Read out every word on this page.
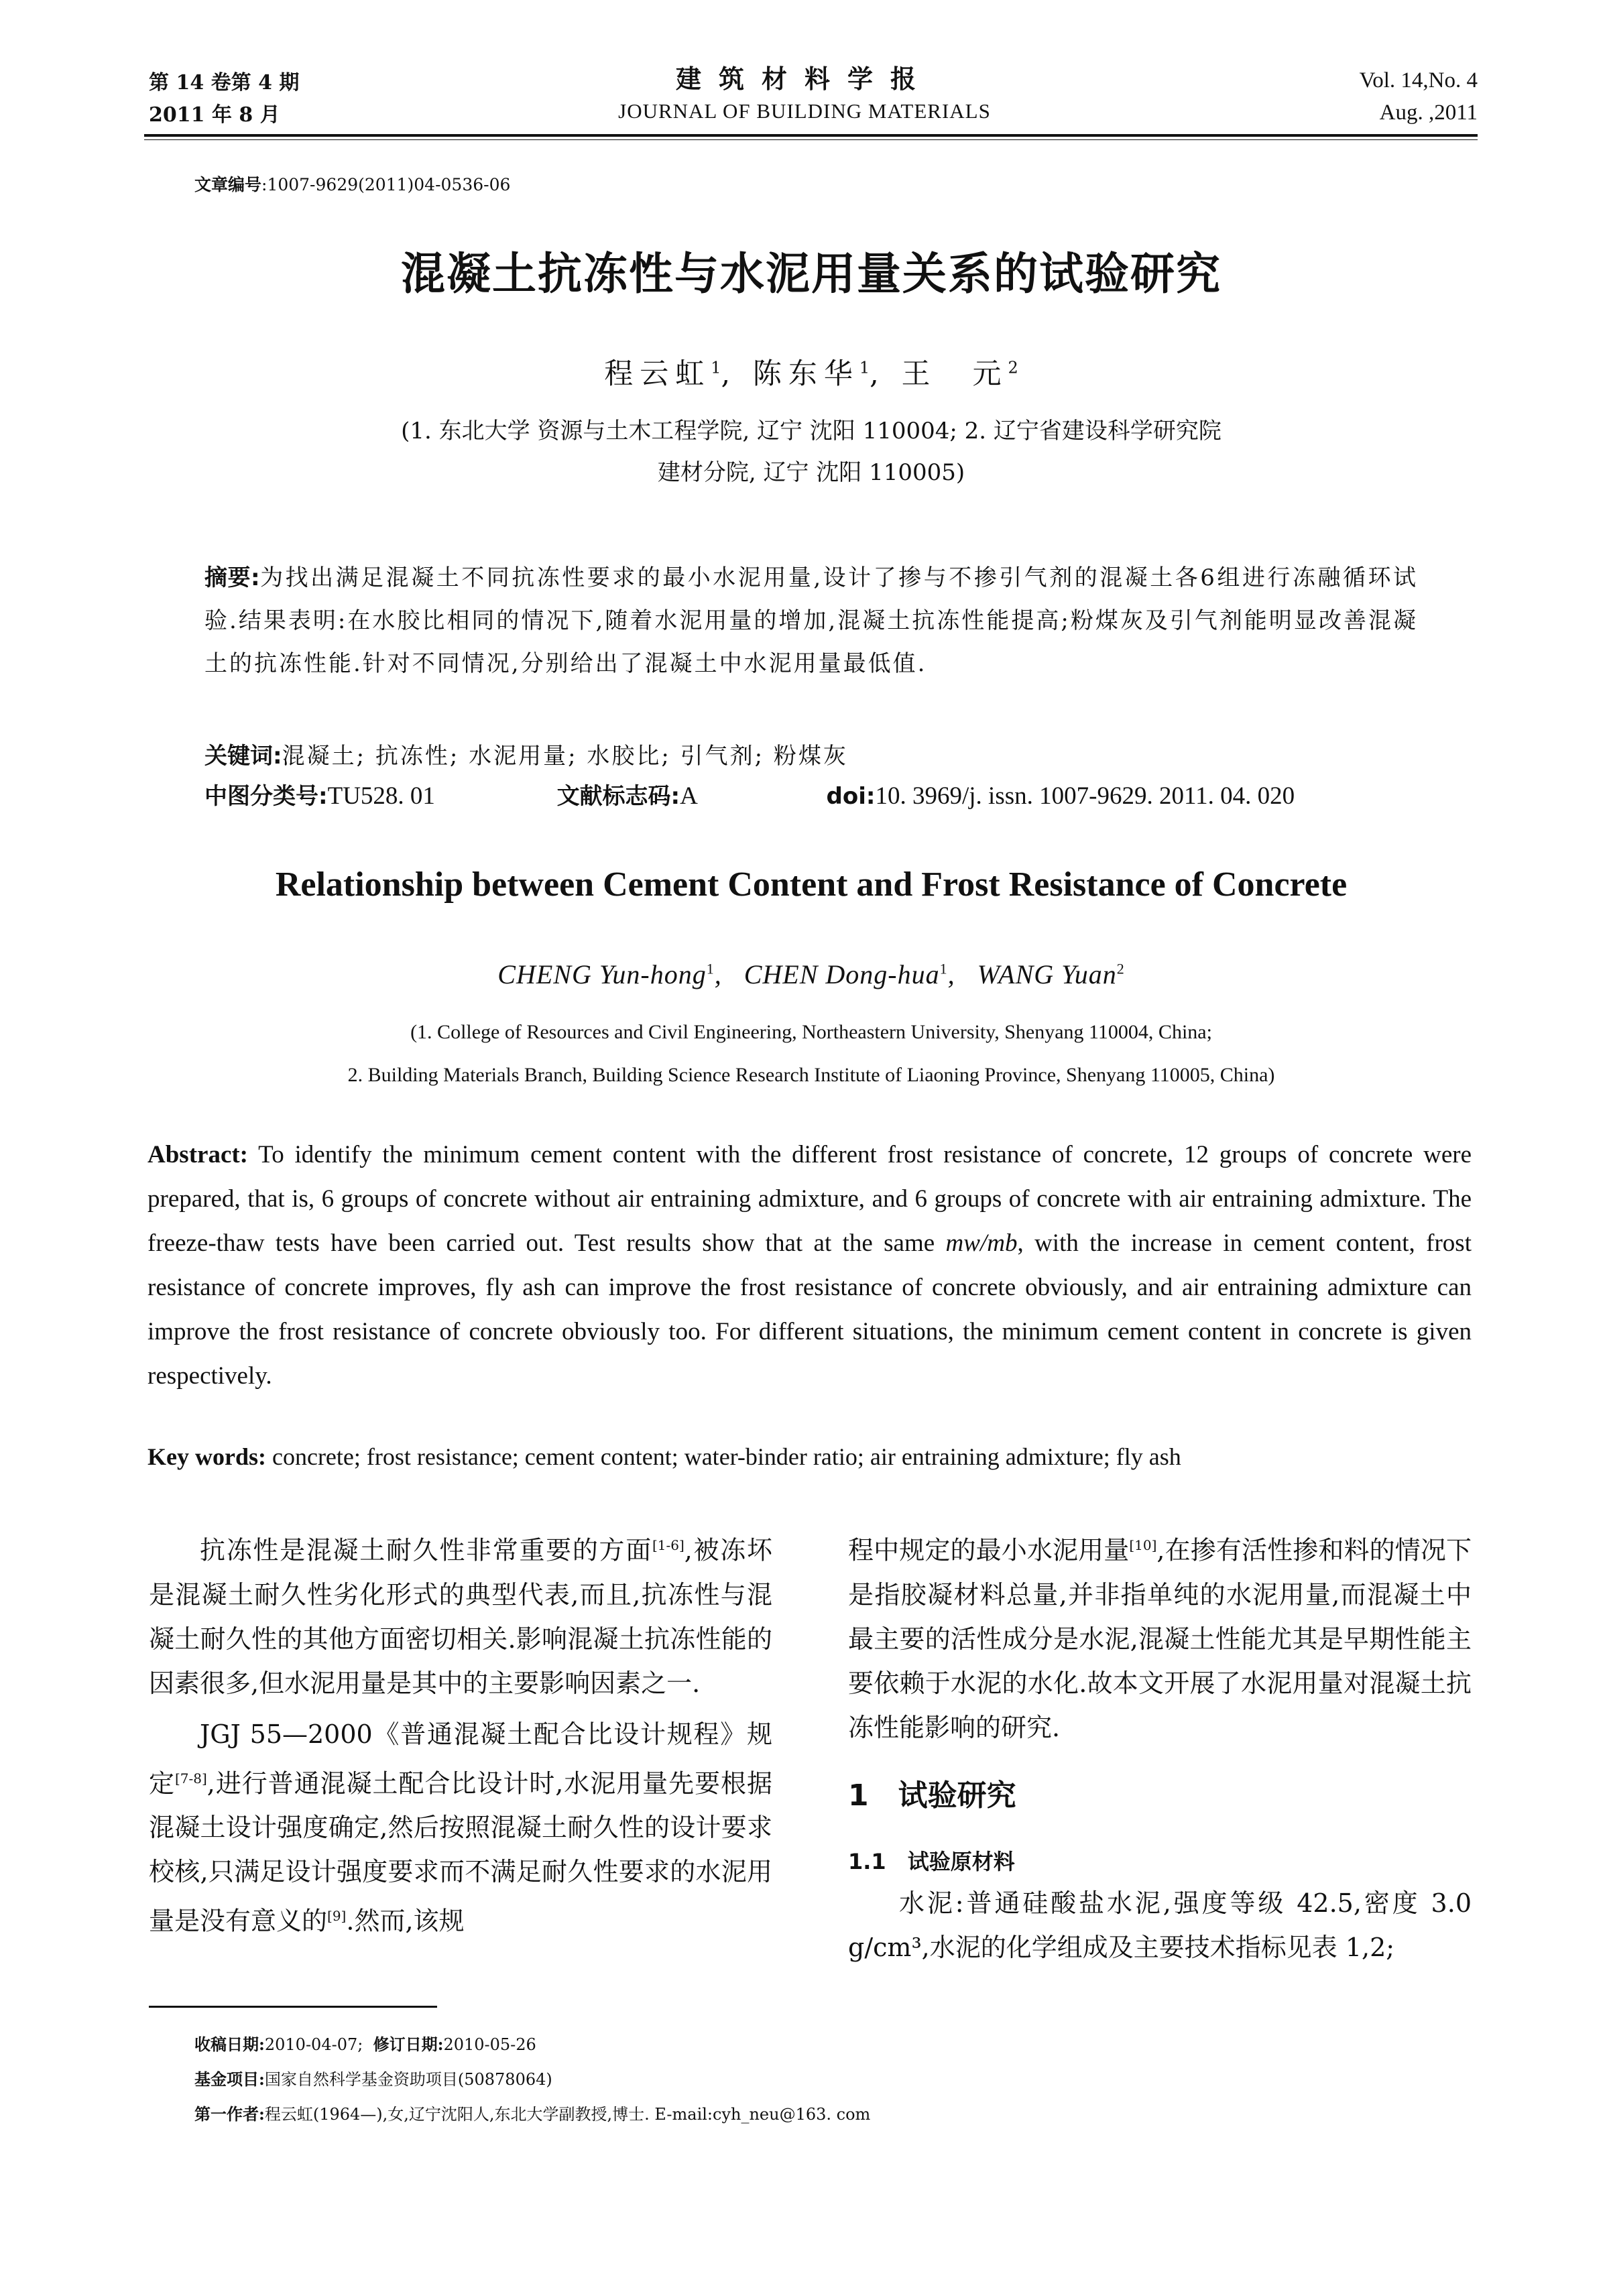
第 14 卷第 4 期
2011 年 8 月
建筑材料学报
JOURNAL OF BUILDING MATERIALS
Vol. 14,No. 4
Aug. ,2011
文章编号:1007-9629(2011)04-0536-06
混凝土抗冻性与水泥用量关系的试验研究
程云虹$^1$, 陈东华$^1$, 王　元$^2$
(1. 东北大学 资源与土木工程学院, 辽宁 沈阳 110004; 2. 辽宁省建设科学研究院
建材分院, 辽宁 沈阳 110005)
摘要:为找出满足混凝土不同抗冻性要求的最小水泥用量,设计了掺与不掺引气剂的混凝土各6组进行冻融循环试验.结果表明:在水胶比相同的情况下,随着水泥用量的增加,混凝土抗冻性能提高;粉煤灰及引气剂能明显改善混凝土的抗冻性能.针对不同情况,分别给出了混凝土中水泥用量最低值.
关键词:混凝土; 抗冻性; 水泥用量; 水胶比; 引气剂; 粉煤灰
中图分类号:TU528. 01	文献标志码:A	doi:10. 3969/j. issn. 1007-9629. 2011. 04. 020
Relationship between Cement Content and Frost Resistance of Concrete
CHENG Yun-hong$^1$,   CHEN Dong-hua$^1$,   WANG Yuan$^2$
(1. College of Resources and Civil Engineering, Northeastern University, Shenyang 110004, China;
2. Building Materials Branch, Building Science Research Institute of Liaoning Province, Shenyang 110005, China)
Abstract: To identify the minimum cement content with the different frost resistance of concrete, 12 groups of concrete were prepared, that is, 6 groups of concrete without air entraining admixture, and 6 groups of concrete with air entraining admixture. The freeze-thaw tests have been carried out. Test results show that at the same mw/mb, with the increase in cement content, frost resistance of concrete improves, fly ash can improve the frost resistance of concrete obviously, and air entraining admixture can improve the frost resistance of concrete obviously too. For different situations, the minimum cement content in concrete is given respectively.
Key words: concrete; frost resistance; cement content; water-binder ratio; air entraining admixture; fly ash

抗冻性是混凝土耐久性非常重要的方面[1-6],被冻坏是混凝土耐久性劣化形式的典型代表,而且,抗冻性与混凝土耐久性的其他方面密切相关.影响混凝土抗冻性能的因素很多,但水泥用量是其中的主要影响因素之一.

JGJ 55—2000《普通混凝土配合比设计规程》规定[7-8],进行普通混凝土配合比设计时,水泥用量先要根据混凝土设计强度确定,然后按照混凝土耐久性的设计要求校核,只满足设计强度要求而不满足耐久性要求的水泥用量是没有意义的[9].然而,该规

程中规定的最小水泥用量[10],在掺有活性掺和料的情况下是指胶凝材料总量,并非指单纯的水泥用量,而混凝土中最主要的活性成分是水泥,混凝土性能尤其是早期性能主要依赖于水泥的水化.故本文开展了水泥用量对混凝土抗冻性能影响的研究.

1　试验研究
1.1　试验原材料

水泥:普通硅酸盐水泥,强度等级 42.5,密度 3.0 g/cm³,水泥的化学组成及主要技术指标见表 1,2;

收稿日期:2010-04-07; 修订日期:2010-05-26
基金项目:国家自然科学基金资助项目(50878064)
第一作者:程云虹(1964—),女,辽宁沈阳人,东北大学副教授,博士. E-mail:cyh_neu@163. com
